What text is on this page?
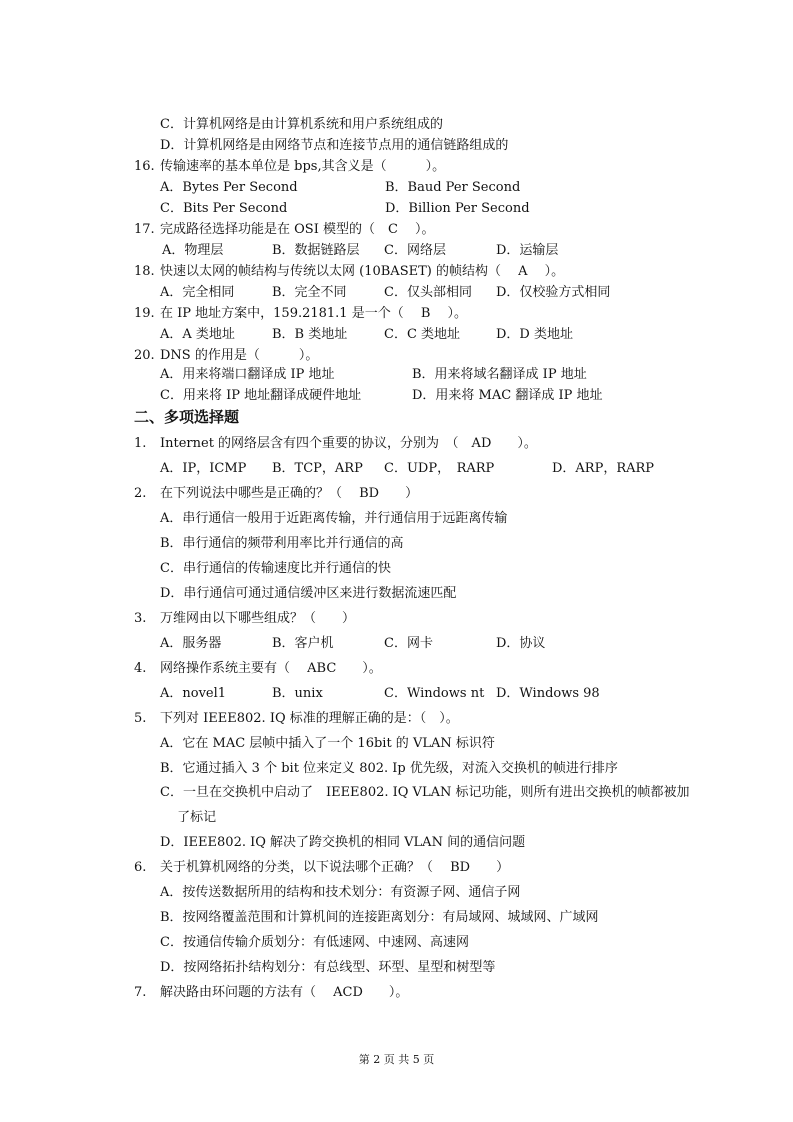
C．计算机网络是由计算机系统和用户系统组成的
D．计算机网络是由网络节点和连接节点用的通信链路组成的
16. 传输速率的基本单位是 bps,其含义是（　　　）。
A．Bytes Per Second	B．Baud Per Second
C．Bits Per Second	D．Billion Per Second
17. 完成路径选择功能是在 OSI 模型的（　C　 ）。
A．物理层	B．数据链路层 C．网络层	D．运输层
18. 快速以太网的帧结构与传统以太网 (10BASET) 的帧结构（　 A　 ）。
A．完全相同	B．完全不同	C．仅头部相同 D．仅校验方式相同
19. 在 IP 地址方案中，159.2181.1 是一个（　 B　 ）。
A．A 类地址	B．B 类地址	C．C 类地址	D．D 类地址
20. DNS 的作用是（　　　）。
A．用来将端口翻译成 IP 地址	B．用来将域名翻译成 IP 地址
C．用来将 IP 地址翻译成硬件地址	D．用来将 MAC 翻译成 IP 地址
二、多项选择题
1. Internet 的网络层含有四个重要的协议，分别为　（　AD　　）。
A．IP，ICMP B．TCP，ARP C．UDP，　RARP	D．ARP，RARP
2. 在下列说法中哪些是正确的？（　 BD　　）
A．串行通信一般用于近距离传输，并行通信用于远距离传输
B．串行通信的频带利用率比并行通信的高
C．串行通信的传输速度比并行通信的快
D．串行通信可通过通信缓冲区来进行数据流速匹配
3. 万维网由以下哪些组成？（　　）
A．服务器	B．客户机	C．网卡	D．协议
4. 网络操作系统主要有（　 ABC　　）。
A．novel1	B．unix	C．Windows nt D．Windows 98
5. 下列对 IEEE802. IQ 标准的理解正确的是：（　）。
A．它在 MAC 层帧中插入了一个 16bit 的 VLAN 标识符
B．它通过插入 3 个 bit 位来定义 802. Ip 优先级，对流入交换机的帧进行排序
C．一旦在交换机中启动了　IEEE802. IQ VLAN 标记功能，则所有进出交换机的帧都被加
　 了标记
D．IEEE802. IQ 解决了跨交换机的相同 VLAN 间的通信问题
6. 关于机算机网络的分类，以下说法哪个正确？（　 BD　　）
A．按传送数据所用的结构和技术划分：有资源子网、通信子网
B．按网络覆盖范围和计算机间的连接距离划分：有局域网、城域网、广域网
C．按通信传输介质划分：有低速网、中速网、高速网
D．按网络拓扑结构划分：有总线型、环型、星型和树型等
7. 解决路由环问题的方法有（　 ACD　　）。
第 2 页 共 5 页
